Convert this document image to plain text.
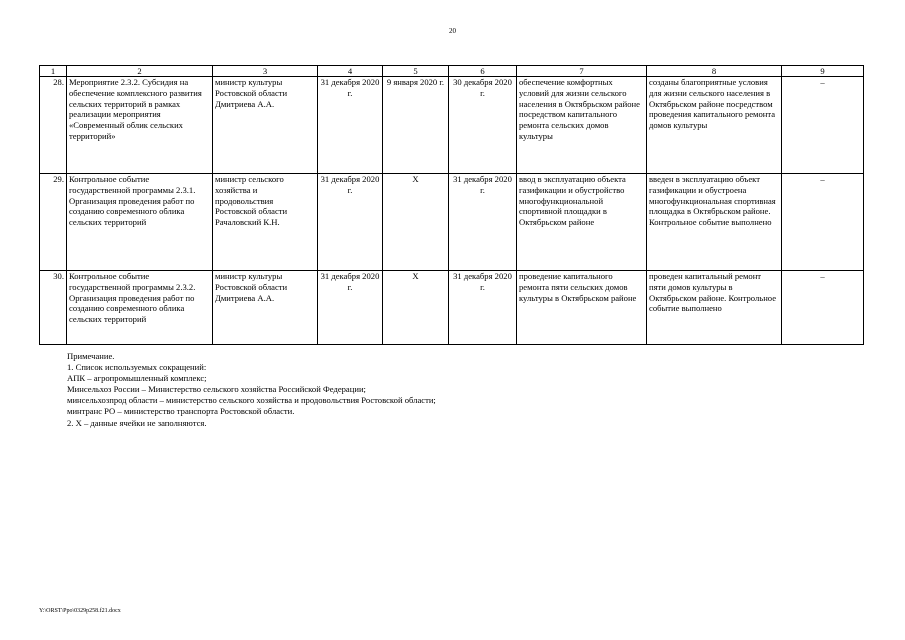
20
1	2	3	4	5	6	7	8	9
28.	Мероприятие 2.3.2. Субсидия на обеспечение комплексного развития сельских территорий в рамках реализации мероприятия «Современный облик сельских территорий»	министр культуры Ростовской области Дмитриева А.А.	31 декабря 2020 г.	9 января 2020 г.	30 декабря 2020 г.	обеспечение комфортных условий для жизни сельского населения в Октябрьском районе посредством капитального ремонта сельских домов культуры	созданы благоприятные условия для жизни сельского населения в Октябрьском районе посредством проведения капитального ремонта домов культуры	–
29.	Контрольное событие государственной программы 2.3.1. Организация проведения работ по созданию современного облика сельских территорий	министр сельского хозяйства и продовольствия Ростовской области Рачаловский К.Н.	31 декабря 2020 г.	Х	31 декабря 2020 г.	ввод в эксплуатацию объекта газификации и обустройство многофункциональной спортивной площадки в Октябрьском районе	введен в эксплуатацию объект газификации и обустроена многофункциональная спортивная площадка в Октябрьском районе. Контрольное событие выполнено	–
30.	Контрольное событие государственной программы 2.3.2. Организация проведения работ по созданию современного облика сельских территорий	министр культуры Ростовской области Дмитриева А.А.	31 декабря 2020 г.	Х	31 декабря 2020 г.	проведение капитального ремонта пяти сельских домов культуры в Октябрьском районе	проведен капитальный ремонт пяти домов культуры в Октябрьском районе. Контрольное событие выполнено	–
Примечание.
1. Список используемых сокращений:
АПК – агропромышленный комплекс;
Минсельхоз России – Министерство сельского хозяйства Российской Федерации;
минсельхозпрод области – министерство сельского хозяйства и продовольствия Ростовской области;
минтранс РО – министерство транспорта Ростовской области.
2. Х – данные ячейки не заполняются.
Y:\ORST\Ppo\0329p258.f21.docx
